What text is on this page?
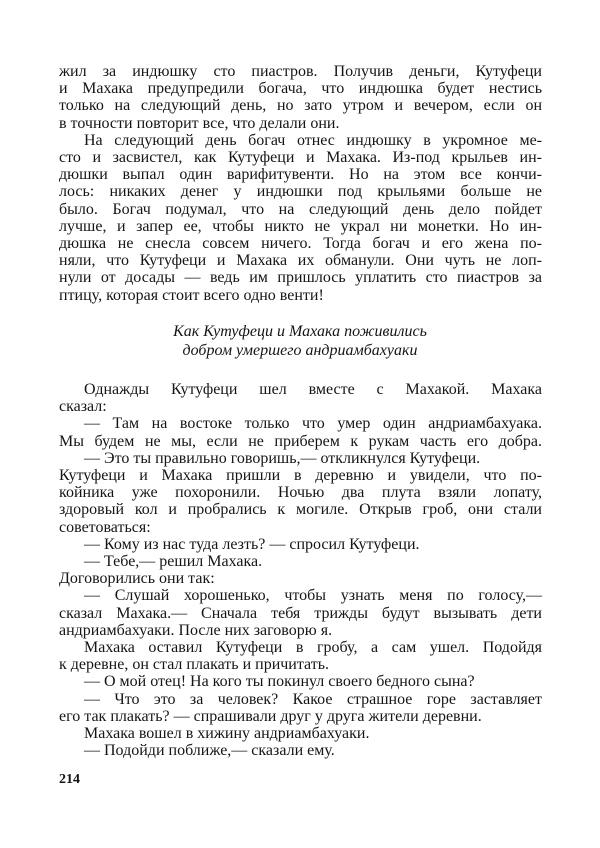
жил за индюшку сто пиастров. Получив деньги, Кутуфеци
и Махака предупредили богача, что индюшка будет нестись
только на следующий день, но зато утром и вечером, если он
в точности повторит все, что делали они.
На следующий день богач отнес индюшку в укромное ме-
сто и засвистел, как Кутуфеци и Махака. Из-под крыльев ин-
дюшки выпал один варифитувенти. Но на этом все кончи-
лось: никаких денег у индюшки под крыльями больше не
было. Богач подумал, что на следующий день дело пойдет
лучше, и запер ее, чтобы никто не украл ни монетки. Но ин-
дюшка не снесла совсем ничего. Тогда богач и его жена по-
няли, что Кутуфеци и Махака их обманули. Они чуть не лоп-
нули от досады — ведь им пришлось уплатить сто пиастров за
птицу, которая стоит всего одно венти!
Как Кутуфеци и Махака поживились
добром умершего андриамбахуаки
214
Однажды Кутуфеци шел вместе с Махакой. Махака
сказал:
— Там на востоке только что умер один андриамбахуака.
Мы будем не мы, если не приберем к рукам часть его добра.
— Это ты правильно говоришь,— откликнулся Кутуфеци.
Кутуфеци и Махака пришли в деревню и увидели, что по-
койника уже похоронили. Ночью два плута взяли лопату,
здоровый кол и пробрались к могиле. Открыв гроб, они стали
советоваться:
— Кому из нас туда лезть? — спросил Кутуфеци.
— Тебе,— решил Махака.
Договорились они так:
— Слушай хорошенько, чтобы узнать меня по голосу,—
сказал Махака.— Сначала тебя трижды будут вызывать дети
андриамбахуаки. После них заговорю я.
Махака оставил Кутуфеци в гробу, а сам ушел. Подойдя
к деревне, он стал плакать и причитать.
— О мой отец! На кого ты покинул своего бедного сына?
— Что это за человек? Какое страшное горе заставляет
его так плакать? — спрашивали друг у друга жители деревни.
Махака вошел в хижину андриамбахуаки.
— Подойди поближе,— сказали ему.
